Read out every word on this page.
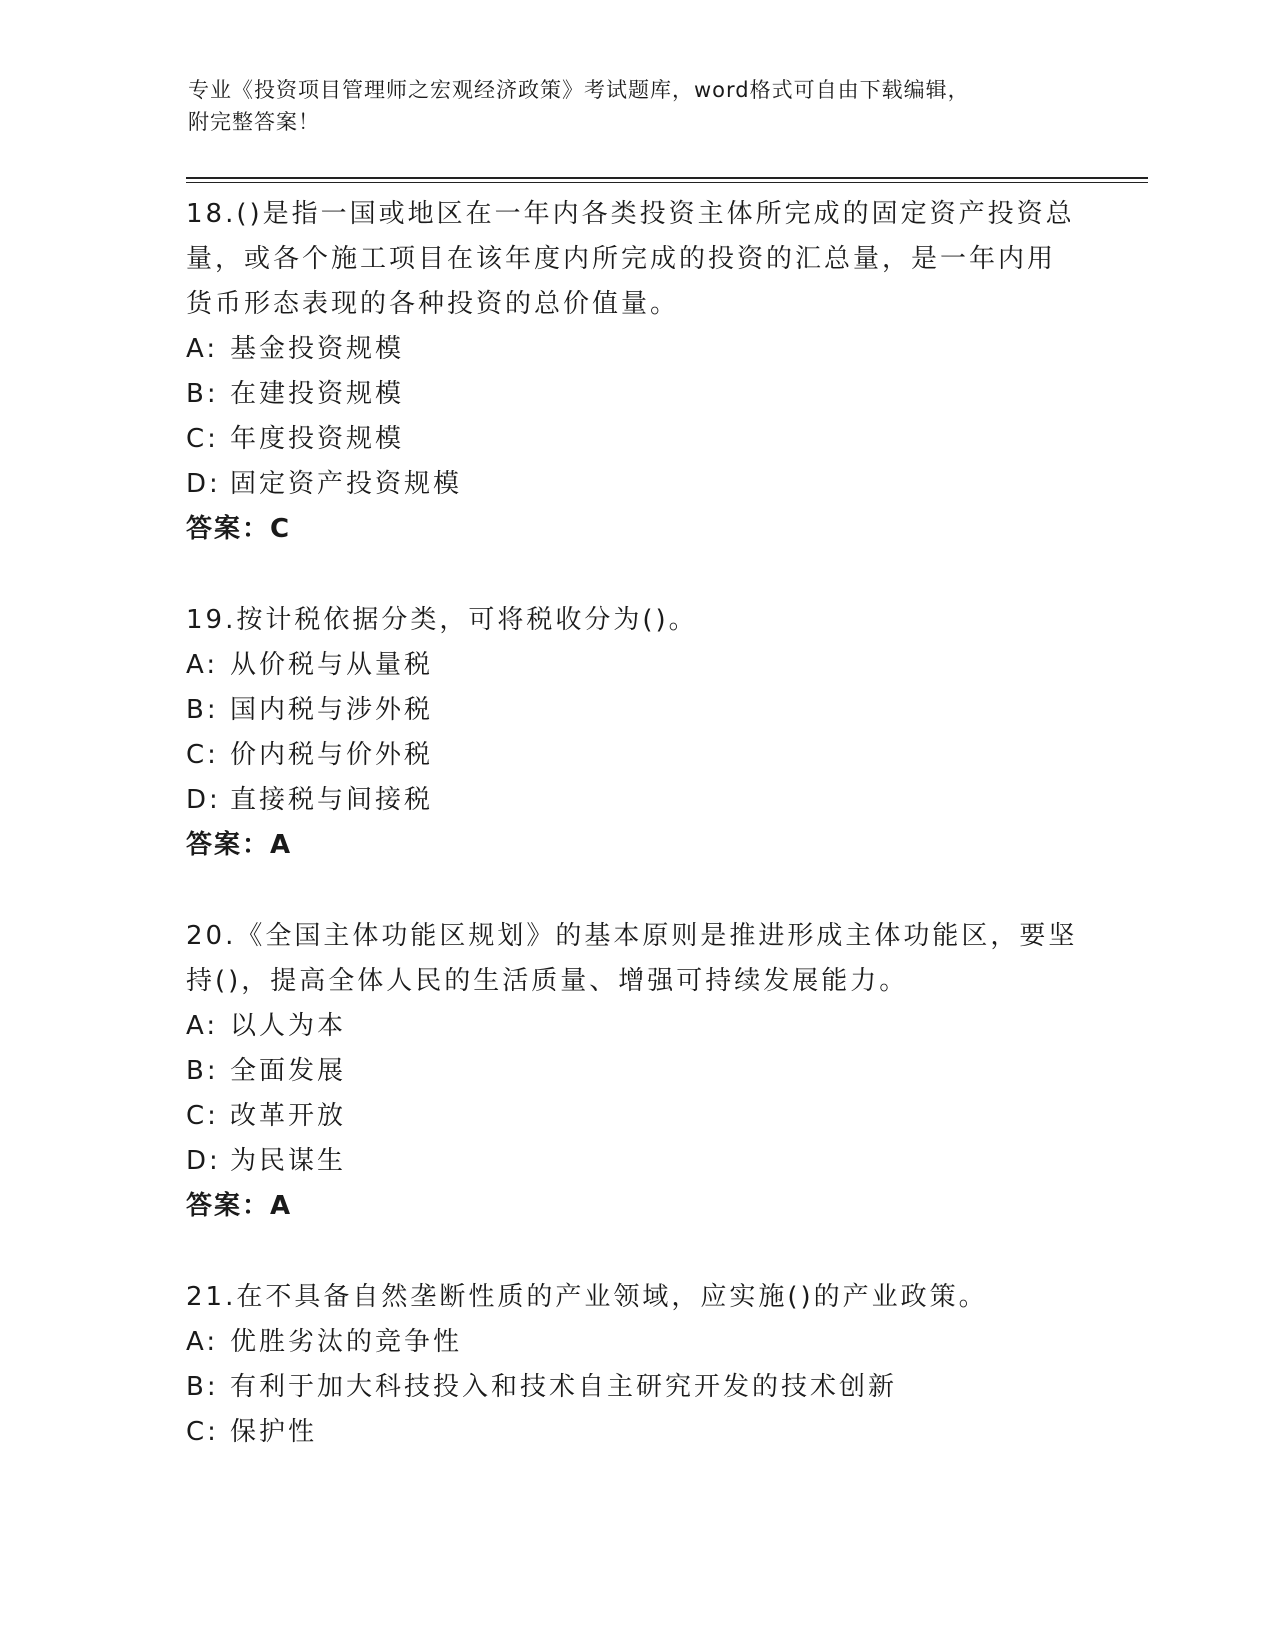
专业《投资项目管理师之宏观经济政策》考试题库，word格式可自由下载编辑，
附完整答案！
18.()是指一国或地区在一年内各类投资主体所完成的固定资产投资总
量，或各个施工项目在该年度内所完成的投资的汇总量，是一年内用
货币形态表现的各种投资的总价值量。
A: 基金投资规模
B: 在建投资规模
C: 年度投资规模
D: 固定资产投资规模
答案：C
19.按计税依据分类，可将税收分为()。
A: 从价税与从量税
B: 国内税与涉外税
C: 价内税与价外税
D: 直接税与间接税
答案：A
20.《全国主体功能区规划》的基本原则是推进形成主体功能区，要坚
持()，提高全体人民的生活质量、增强可持续发展能力。
A: 以人为本
B: 全面发展
C: 改革开放
D: 为民谋生
答案：A
21.在不具备自然垄断性质的产业领域，应实施()的产业政策。
A: 优胜劣汰的竞争性
B: 有利于加大科技投入和技术自主研究开发的技术创新
C: 保护性
